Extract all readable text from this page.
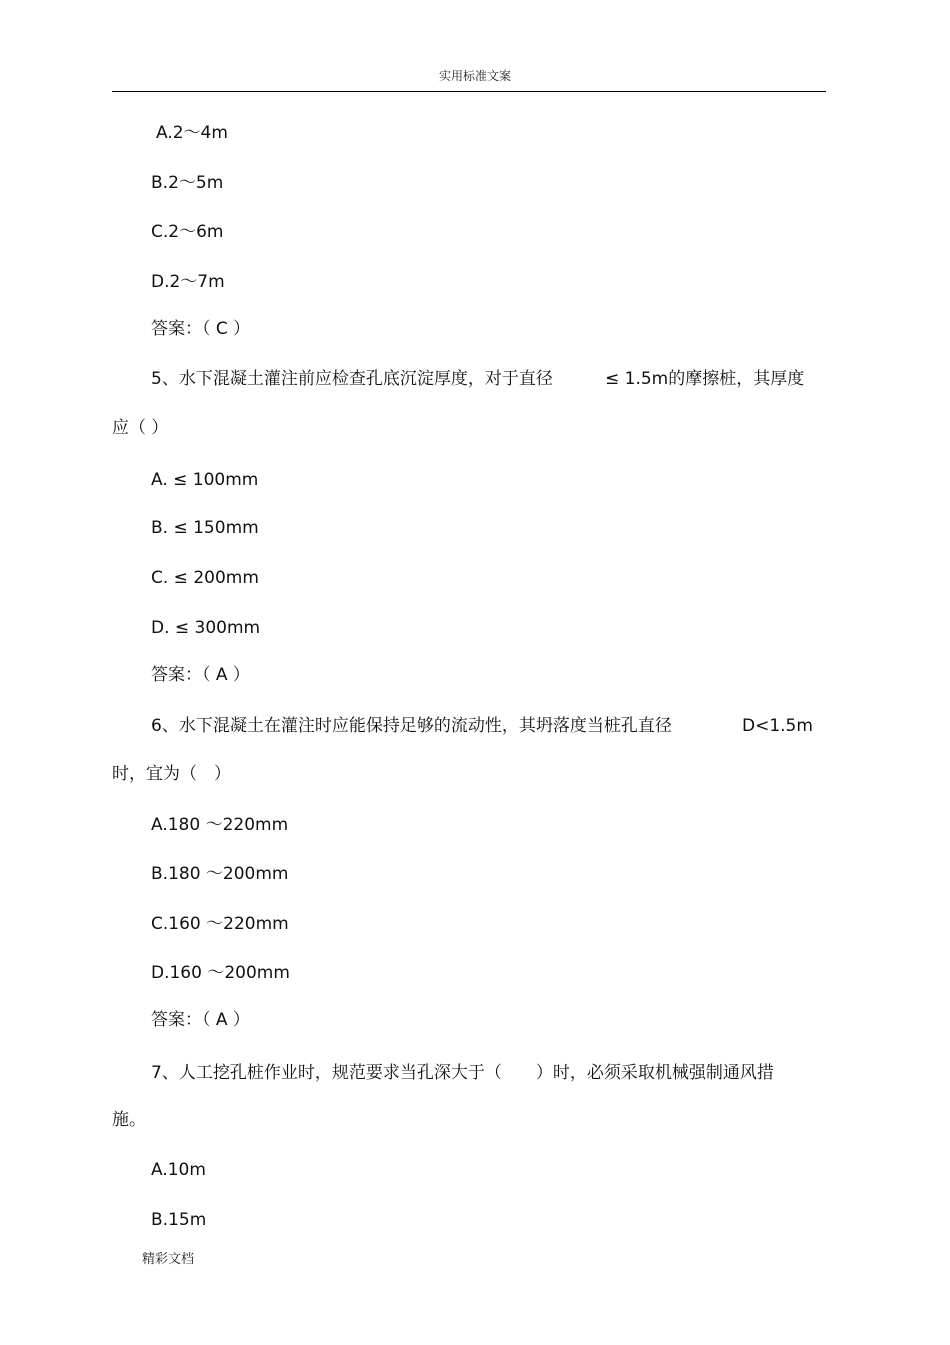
实用标准文案
A.2～4m
B.2～5m
C.2～6m
D.2～7m
答案：（ C ）
5、水下混凝土灌注前应检查孔底沉淀厚度，对于直径	≤ 1.5m的摩擦桩，其厚度
应（ ）
A. ≤ 100mm
B. ≤ 150mm
C. ≤ 200mm
D. ≤ 300mm
答案：（ A ）
6、水下混凝土在灌注时应能保持足够的流动性，其坍落度当桩孔直径	D<1.5m
时，宜为（　）
A.180 ～220mm
B.180 ～200mm
C.160 ～220mm
D.160 ～200mm
答案：（ A ）
7、人工挖孔桩作业时，规范要求当孔深大于（　　）时，必须采取机械强制通风措
施。
A.10m
B.15m
精彩文档
